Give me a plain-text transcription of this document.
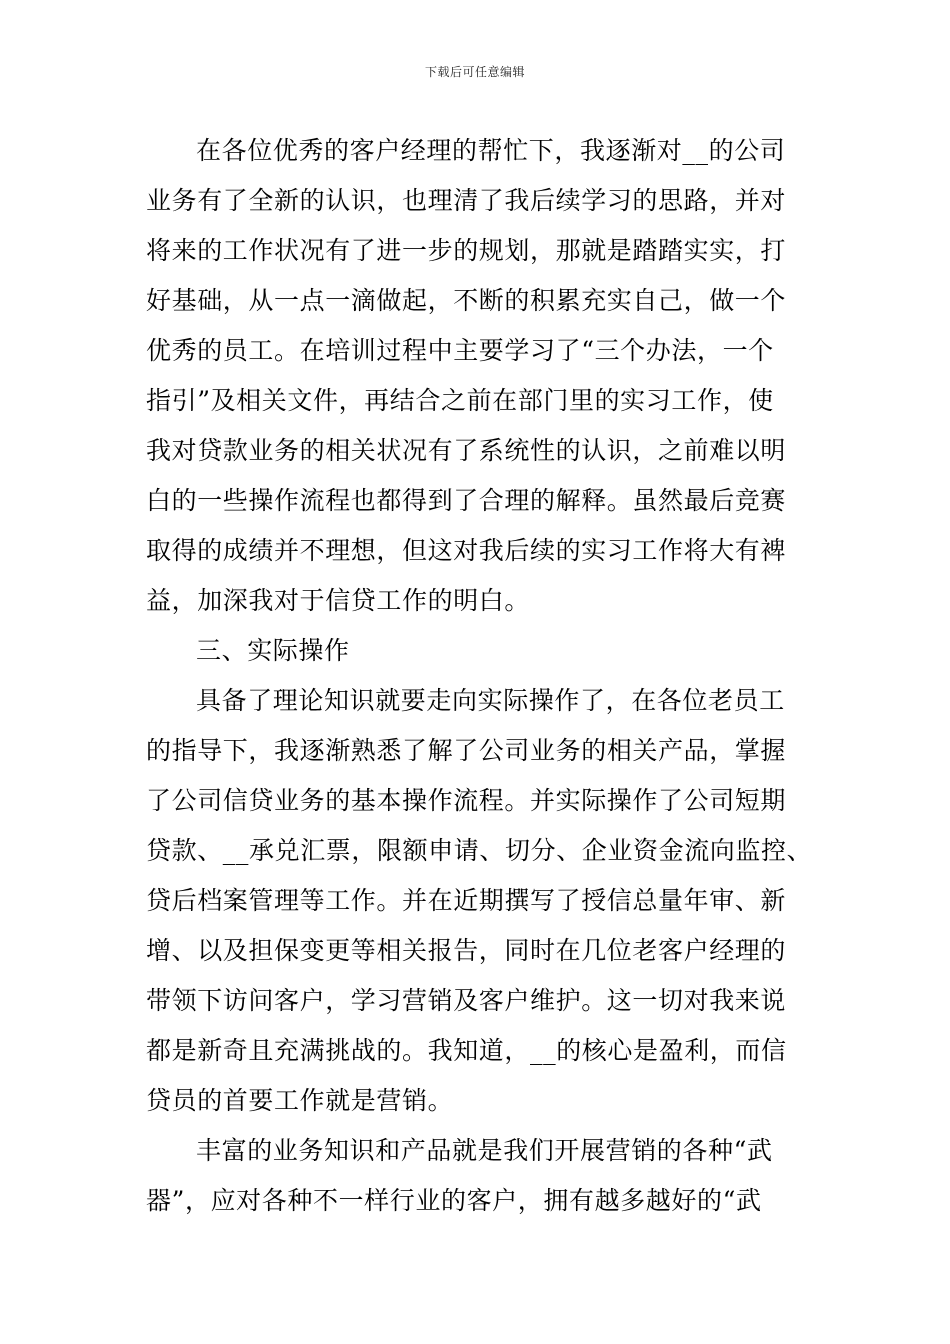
下载后可任意编辑
在各位优秀的客户经理的帮忙下，我逐渐对__的公司
业务有了全新的认识，也理清了我后续学习的思路，并对
将来的工作状况有了进一步的规划，那就是踏踏实实，打
好基础，从一点一滴做起，不断的积累充实自己，做一个
优秀的员工。在培训过程中主要学习了“三个办法，一个
指引”及相关文件，再结合之前在部门里的实习工作，使
我对贷款业务的相关状况有了系统性的认识，之前难以明
白的一些操作流程也都得到了合理的解释。虽然最后竞赛
取得的成绩并不理想，但这对我后续的实习工作将大有裨
益，加深我对于信贷工作的明白。
三、实际操作
具备了理论知识就要走向实际操作了，在各位老员工
的指导下，我逐渐熟悉了解了公司业务的相关产品，掌握
了公司信贷业务的基本操作流程。并实际操作了公司短期
贷款、__承兑汇票，限额申请、切分、企业资金流向监控、
贷后档案管理等工作。并在近期撰写了授信总量年审、新
增、以及担保变更等相关报告，同时在几位老客户经理的
带领下访问客户，学习营销及客户维护。这一切对我来说
都是新奇且充满挑战的。我知道，__的核心是盈利，而信
贷员的首要工作就是营销。
丰富的业务知识和产品就是我们开展营销的各种“武
器”，应对各种不一样行业的客户，拥有越多越好的“武
